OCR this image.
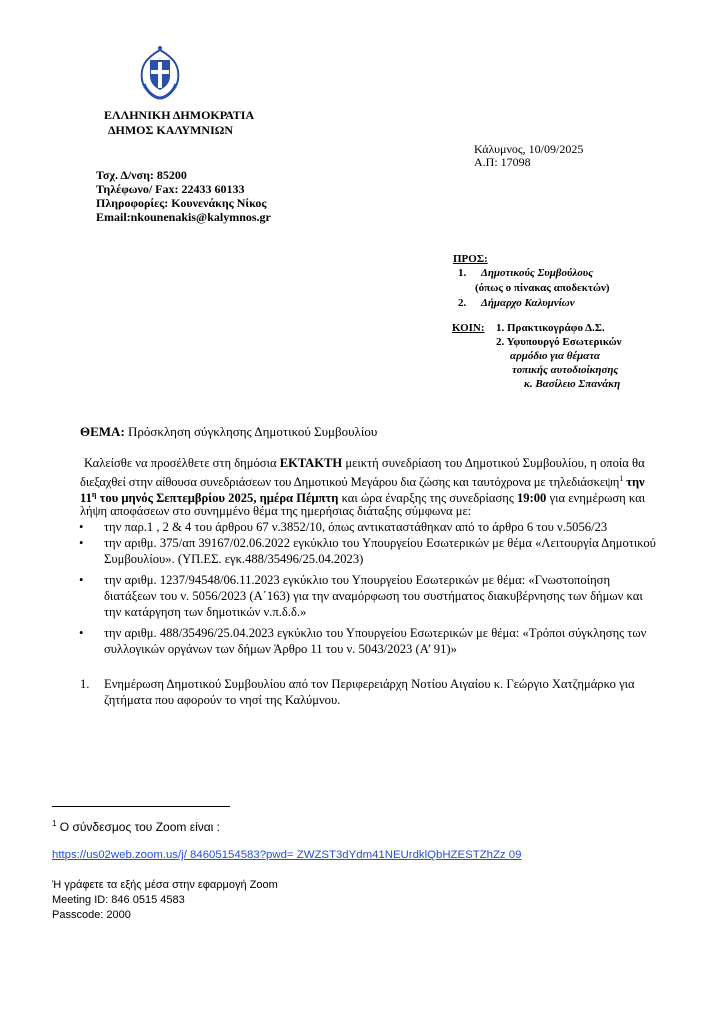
ΕΛΛΗΝΙΚΗ ΔΗΜΟΚΡΑΤΙΑ
ΔΗΜΟΣ ΚΑΛΥΜΝΙΩΝ
Κάλυμνος, 10/09/2025
Α.Π: 17098
Τσχ. Δ/νση: 85200
Τηλέφωνο/ Fax: 22433 60133
Πληροφορίες: Κουνενάκης Νίκος
Email:nkounenakis@kalymnos.gr
ΠΡΟΣ:
1. Δημοτικούς Συμβούλους
(όπως ο πίνακας αποδεκτών)
2. Δήμαρχο Καλυμνίων
ΚΟΙΝ: 1. Πρακτικογράφο Δ.Σ.
2. Υφυπουργό Εσωτερικών
αρμόδιο για θέματα
τοπικής αυτοδιοίκησης
κ. Βασίλειο Σπανάκη
ΘΕΜΑ: Πρόσκληση σύγκλησης Δημοτικού Συμβουλίου
Καλείσθε να προσέλθετε στη δημόσια ΕΚΤΑΚΤΗ μεικτή συνεδρίαση του Δημοτικού Συμβουλίου, η οποία θα
διεξαχθεί στην αίθουσα συνεδριάσεων του Δημοτικού Μεγάρου δια ζώσης και ταυτόχρονα με τηλεδιάσκεψη$^1$ την
$11^\eta$ του μηνός Σεπτεμβρίου 2025, ημέρα Πέμπτη και ώρα έναρξης της συνεδρίασης 19:00 για ενημέρωση και
λήψη αποφάσεων στο συνημμένο θέμα της ημερήσιας διάταξης σύμφωνα με:
• την παρ.1 , 2 & 4 του άρθρου 67 ν.3852/10, όπως αντικαταστάθηκαν από το άρθρο 6 του ν.5056/23
• την αριθμ. 375/απ 39167/02.06.2022 εγκύκλιο του Υπουργείου Εσωτερικών με θέμα «Λειτουργία Δημοτικού
Συμβουλίου». (ΥΠ.ΕΣ. εγκ.488/35496/25.04.2023)
• την αριθμ. 1237/94548/06.11.2023 εγκύκλιο του Υπουργείου Εσωτερικών με θέμα: «Γνωστοποίηση
διατάξεων του ν. 5056/2023 (Α΄163) για την αναμόρφωση του συστήματος διακυβέρνησης των δήμων και
την κατάργηση των δημοτικών ν.π.δ.δ.»
• την αριθμ. 488/35496/25.04.2023 εγκύκλιο του Υπουργείου Εσωτερικών με θέμα: «Τρόποι σύγκλησης των
συλλογικών οργάνων των δήμων Άρθρο 11 του ν. 5043/2023 (Α’ 91)»
1. Ενημέρωση Δημοτικού Συμβουλίου από τον Περιφερειάρχη Νοτίου Αιγαίου κ. Γεώργιο Χατζημάρκο για
ζητήματα που αφορούν το νησί της Καλύμνου.
$^1$ Ο σύνδεσμος του Zoom είναι :
https://us02web.zoom.us/j/ 84605154583?pwd= ZWZST3dYdm41NEUrdklQbHZESTZhZz 09
Ή γράφετε τα εξής μέσα στην εφαρμογή Zoom
Meeting ID: 846 0515 4583
Passcode: 2000
